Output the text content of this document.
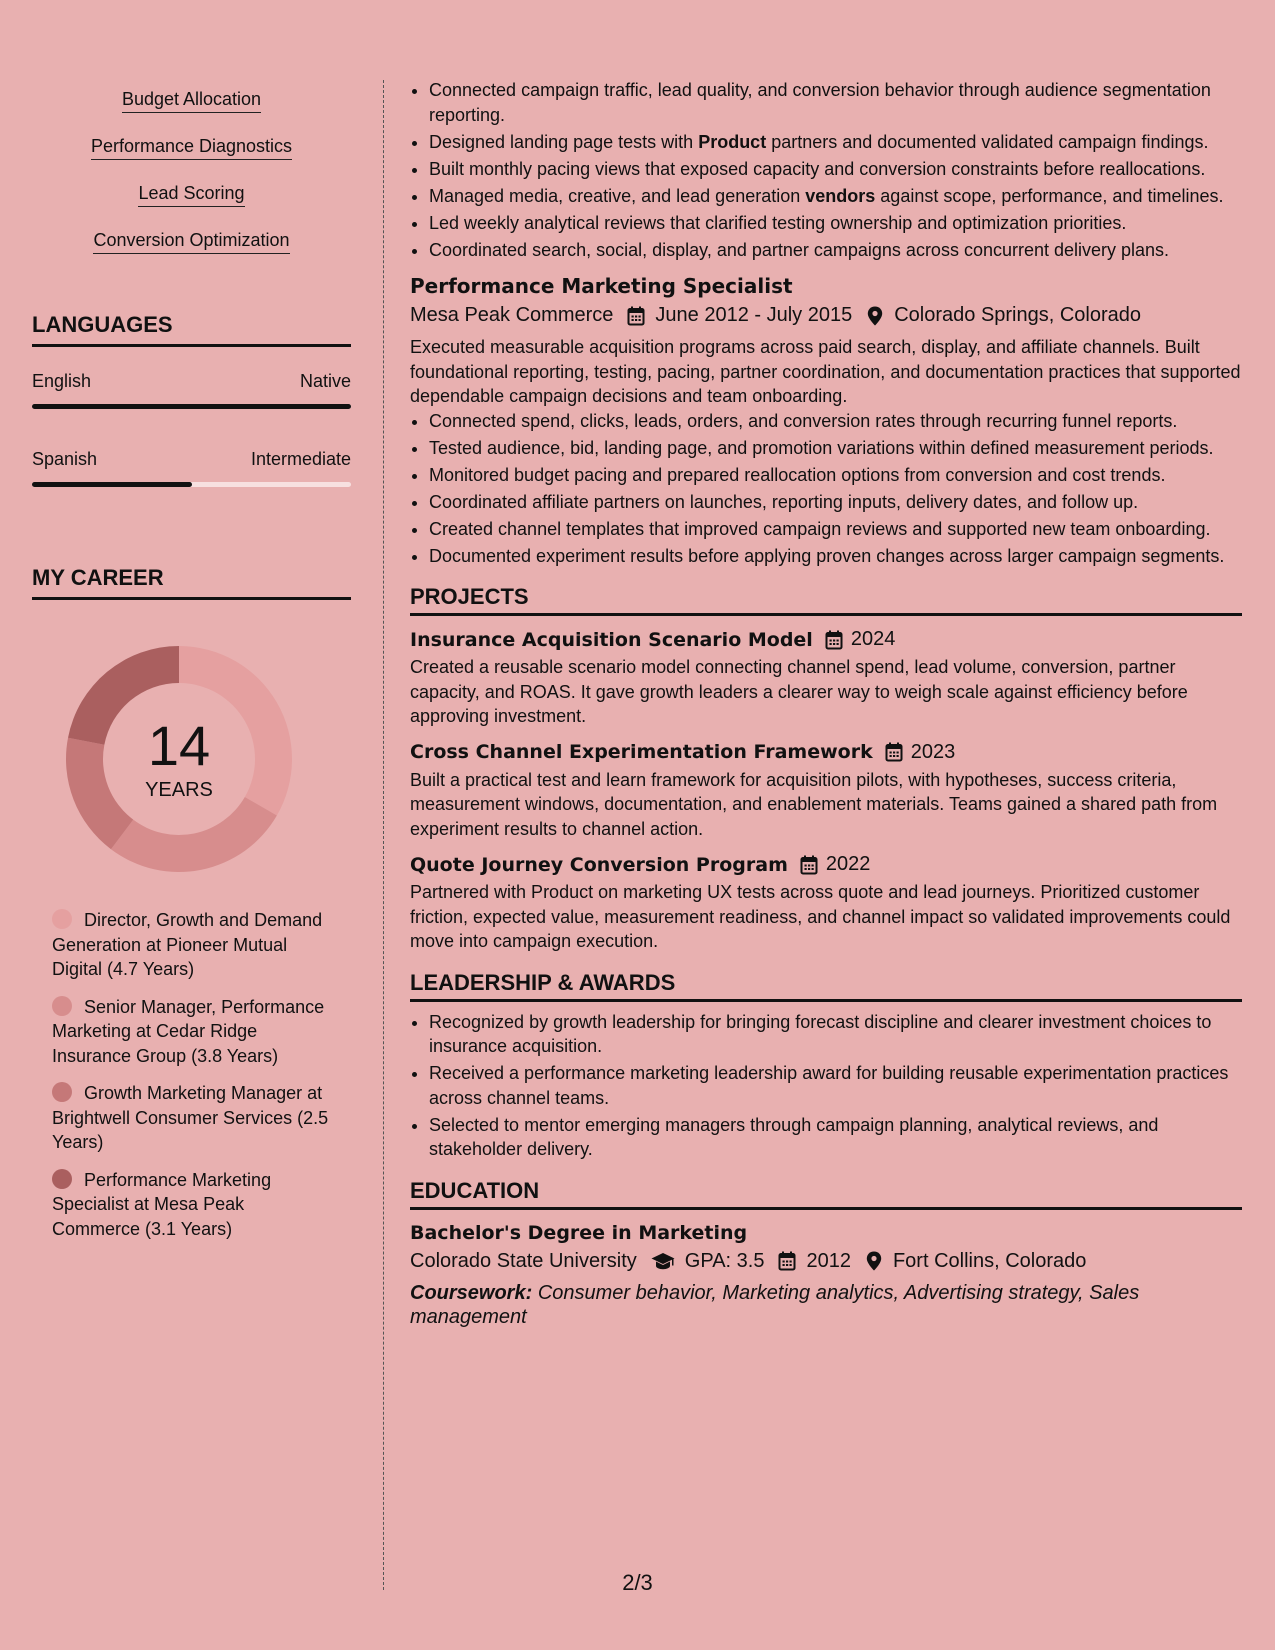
Budget Allocation
Performance Diagnostics
Lead Scoring
Conversion Optimization
LANGUAGES
English	Native
Spanish	Intermediate
MY CAREER
14
YEARS
Director, Growth and Demand Generation at Pioneer Mutual Digital (4.7 Years)
Senior Manager, Performance Marketing at Cedar Ridge Insurance Group (3.8 Years)
Growth Marketing Manager at Brightwell Consumer Services (2.5 Years)
Performance Marketing Specialist at Mesa Peak Commerce (3.1 Years)
• Connected campaign traffic, lead quality, and conversion behavior through audience segmentation reporting.
• Designed landing page tests with Product partners and documented validated campaign findings.
• Built monthly pacing views that exposed capacity and conversion constraints before reallocations.
• Managed media, creative, and lead generation vendors against scope, performance, and timelines.
• Led weekly analytical reviews that clarified testing ownership and optimization priorities.
• Coordinated search, social, display, and partner campaigns across concurrent delivery plans.
Performance Marketing Specialist
Mesa Peak Commerce June 2012 - July 2015 Colorado Springs, Colorado
Executed measurable acquisition programs across paid search, display, and affiliate channels. Built foundational reporting, testing, pacing, partner coordination, and documentation practices that supported dependable campaign decisions and team onboarding.
• Connected spend, clicks, leads, orders, and conversion rates through recurring funnel reports.
• Tested audience, bid, landing page, and promotion variations within defined measurement periods.
• Monitored budget pacing and prepared reallocation options from conversion and cost trends.
• Coordinated affiliate partners on launches, reporting inputs, delivery dates, and follow up.
• Created channel templates that improved campaign reviews and supported new team onboarding.
• Documented experiment results before applying proven changes across larger campaign segments.
PROJECTS
Insurance Acquisition Scenario Model 2024
Created a reusable scenario model connecting channel spend, lead volume, conversion, partner capacity, and ROAS. It gave growth leaders a clearer way to weigh scale against efficiency before approving investment.
Cross Channel Experimentation Framework 2023
Built a practical test and learn framework for acquisition pilots, with hypotheses, success criteria, measurement windows, documentation, and enablement materials. Teams gained a shared path from experiment results to channel action.
Quote Journey Conversion Program 2022
Partnered with Product on marketing UX tests across quote and lead journeys. Prioritized customer friction, expected value, measurement readiness, and channel impact so validated improvements could move into campaign execution.
LEADERSHIP & AWARDS
• Recognized by growth leadership for bringing forecast discipline and clearer investment choices to insurance acquisition.
• Received a performance marketing leadership award for building reusable experimentation practices across channel teams.
• Selected to mentor emerging managers through campaign planning, analytical reviews, and stakeholder delivery.
EDUCATION
Bachelor's Degree in Marketing
Colorado State University GPA: 3.5 2012 Fort Collins, Colorado
Coursework: Consumer behavior, Marketing analytics, Advertising strategy, Sales management
2/3
